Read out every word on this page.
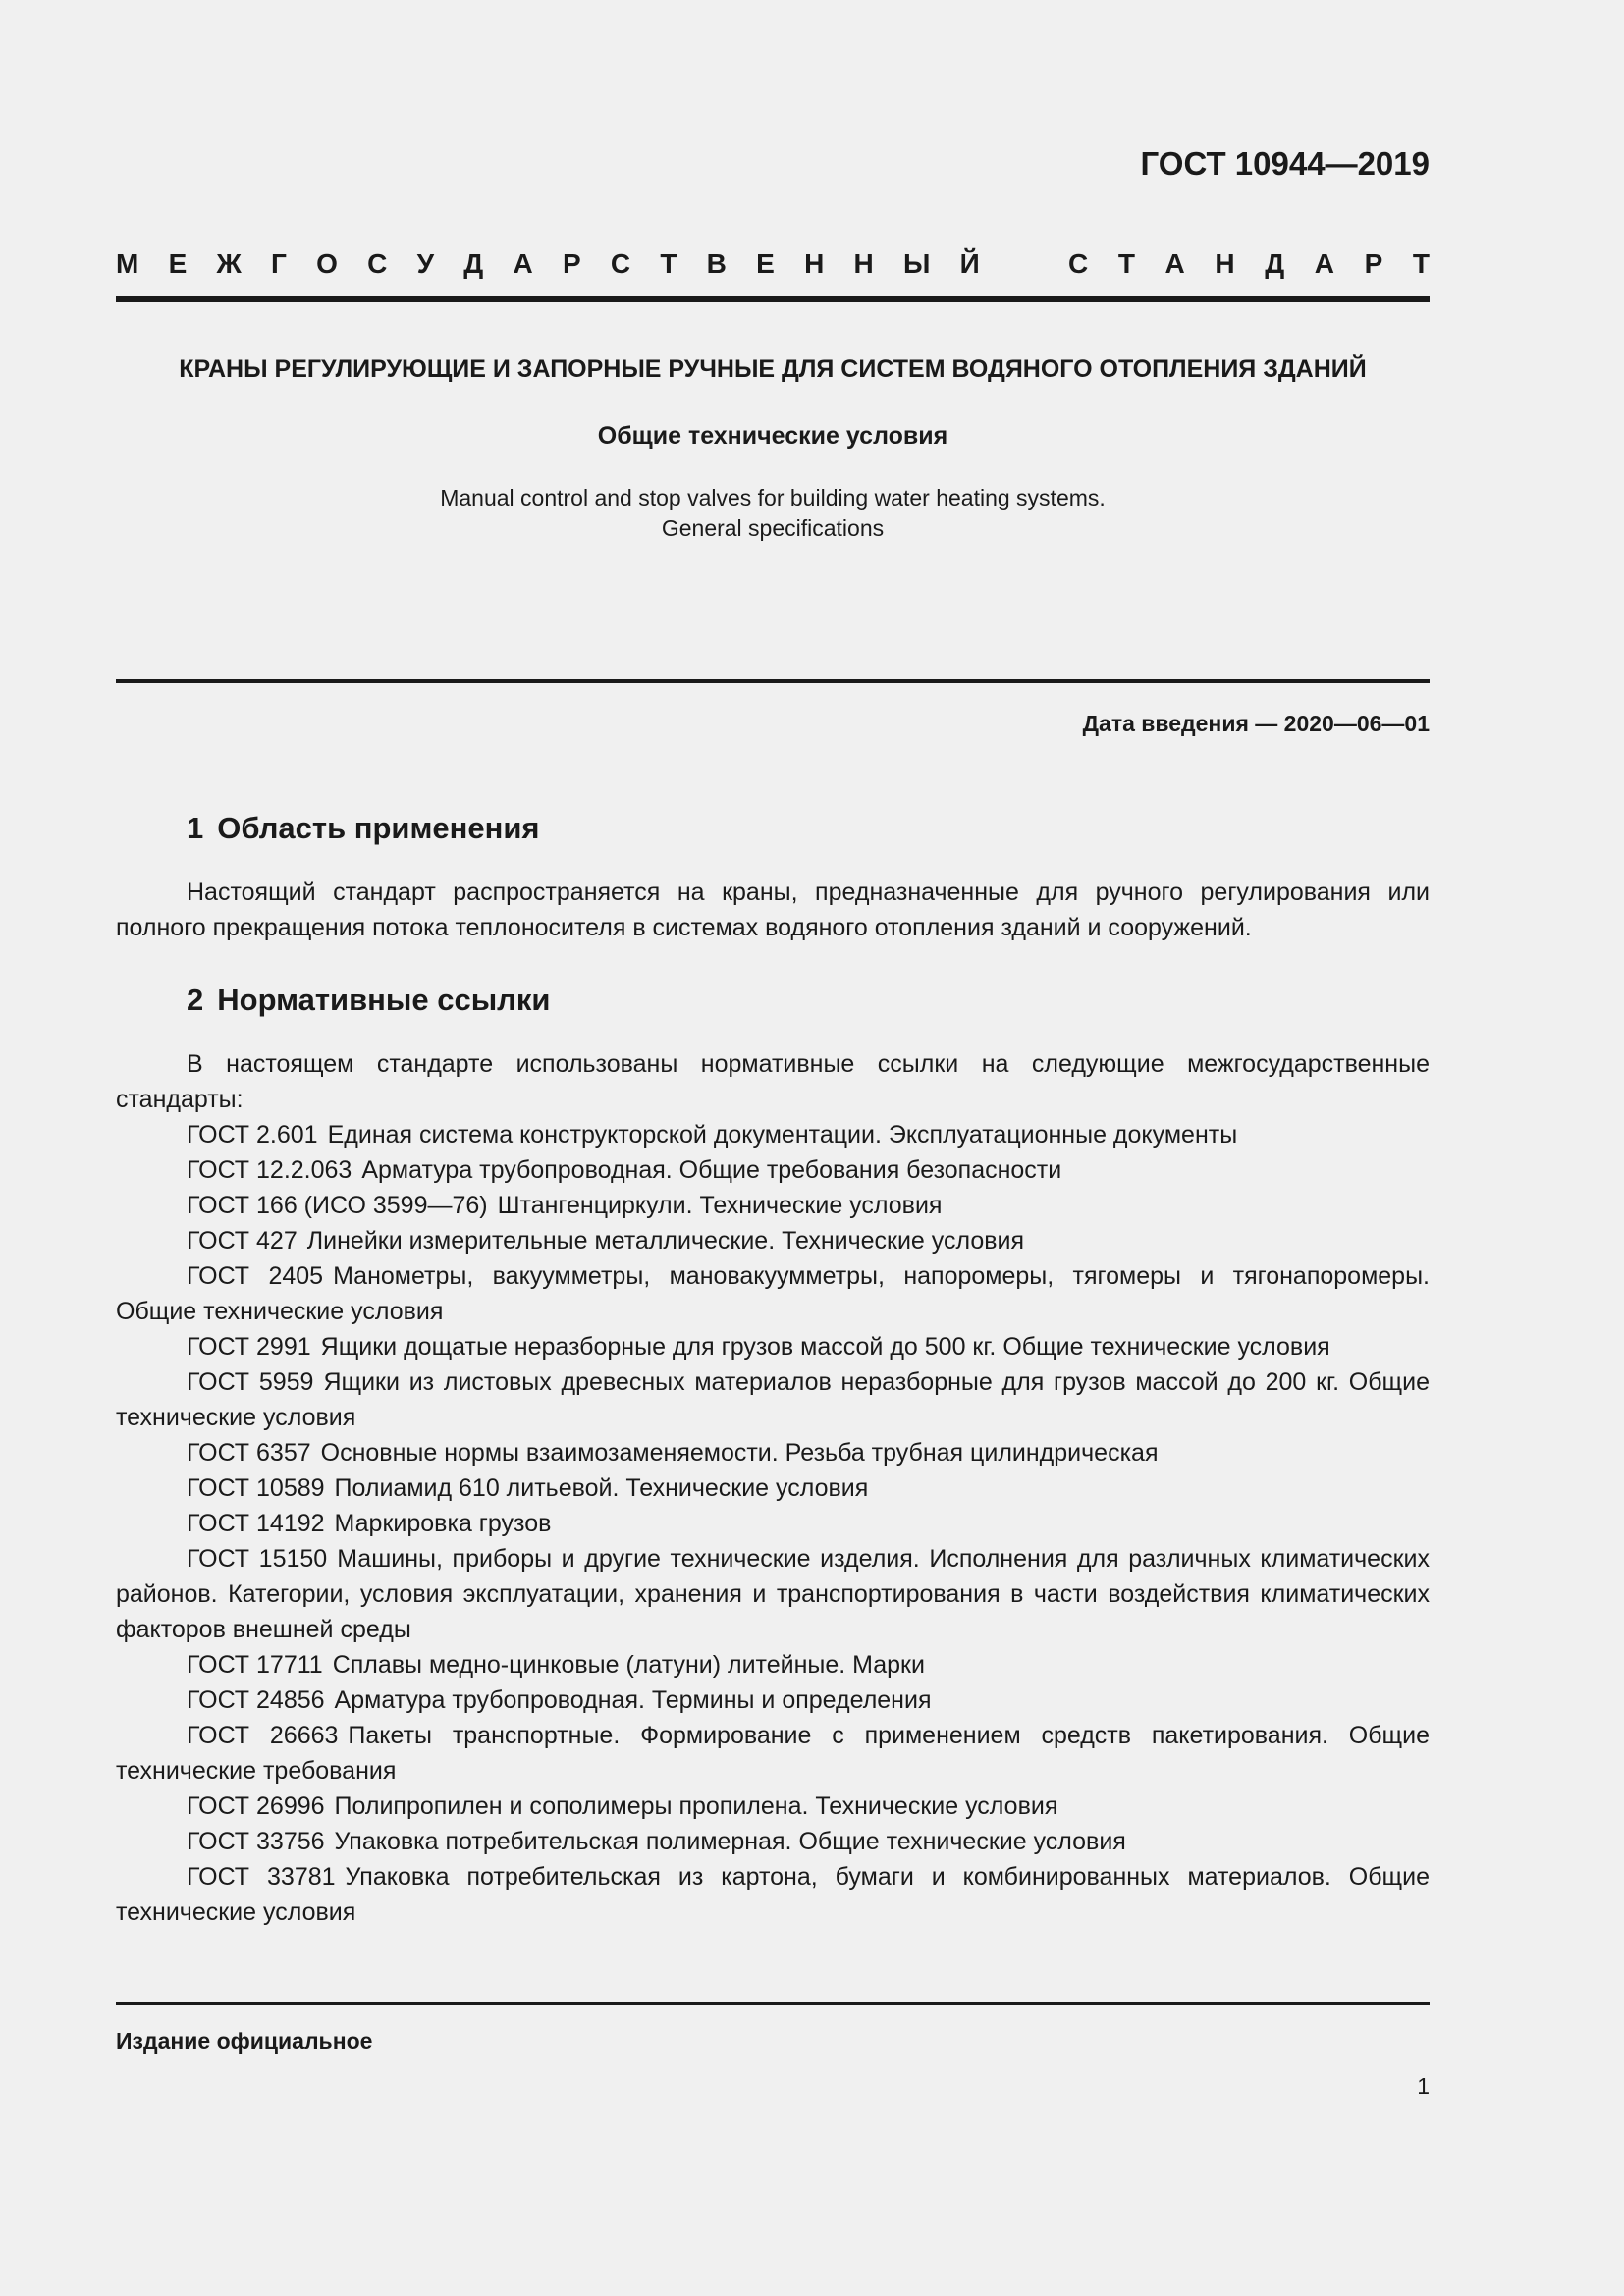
ГОСТ 10944—2019
М Е Ж Г О С У Д А Р С Т В Е Н Н Ы Й	С Т А Н Д А Р Т
КРАНЫ РЕГУЛИРУЮЩИЕ И ЗАПОРНЫЕ РУЧНЫЕ ДЛЯ СИСТЕМ ВОДЯНОГО ОТОПЛЕНИЯ ЗДАНИЙ
Общие технические условия

Manual control and stop valves for building water heating systems.
General specifications

Дата введения — 2020—06—01
1 Область применения

Настоящий стандарт распространяется на краны, предназначенные для ручного регулирования или полного прекращения потока теплоносителя в системах водяного отопления зданий и сооружений.

2 Нормативные ссылки

В настоящем стандарте использованы нормативные ссылки на следующие межгосударственные стандарты:

ГОСТ 2.601 Единая система конструкторской документации. Эксплуатационные документы

ГОСТ 12.2.063 Арматура трубопроводная. Общие требования безопасности

ГОСТ 166 (ИСО 3599—76) Штангенциркули. Технические условия

ГОСТ 427 Линейки измерительные металлические. Технические условия

ГОСТ 2405 Манометры, вакуумметры, мановакуумметры, напоромеры, тягомеры и тягонапоромеры. Общие технические условия

ГОСТ 2991 Ящики дощатые неразборные для грузов массой до 500 кг. Общие технические условия

ГОСТ 5959 Ящики из листовых древесных материалов неразборные для грузов массой до 200 кг. Общие технические условия

ГОСТ 6357 Основные нормы взаимозаменяемости. Резьба трубная цилиндрическая

ГОСТ 10589 Полиамид 610 литьевой. Технические условия

ГОСТ 14192 Маркировка грузов

ГОСТ 15150 Машины, приборы и другие технические изделия. Исполнения для различных климатических районов. Категории, условия эксплуатации, хранения и транспортирования в части воздействия климатических факторов внешней среды

ГОСТ 17711 Сплавы медно-цинковые (латуни) литейные. Марки

ГОСТ 24856 Арматура трубопроводная. Термины и определения

ГОСТ 26663 Пакеты транспортные. Формирование с применением средств пакетирования. Общие технические требования

ГОСТ 26996 Полипропилен и сополимеры пропилена. Технические условия

ГОСТ 33756 Упаковка потребительская полимерная. Общие технические условия

ГОСТ 33781 Упаковка потребительская из картона, бумаги и комбинированных материалов. Общие технические условия

Издание официальное
1
